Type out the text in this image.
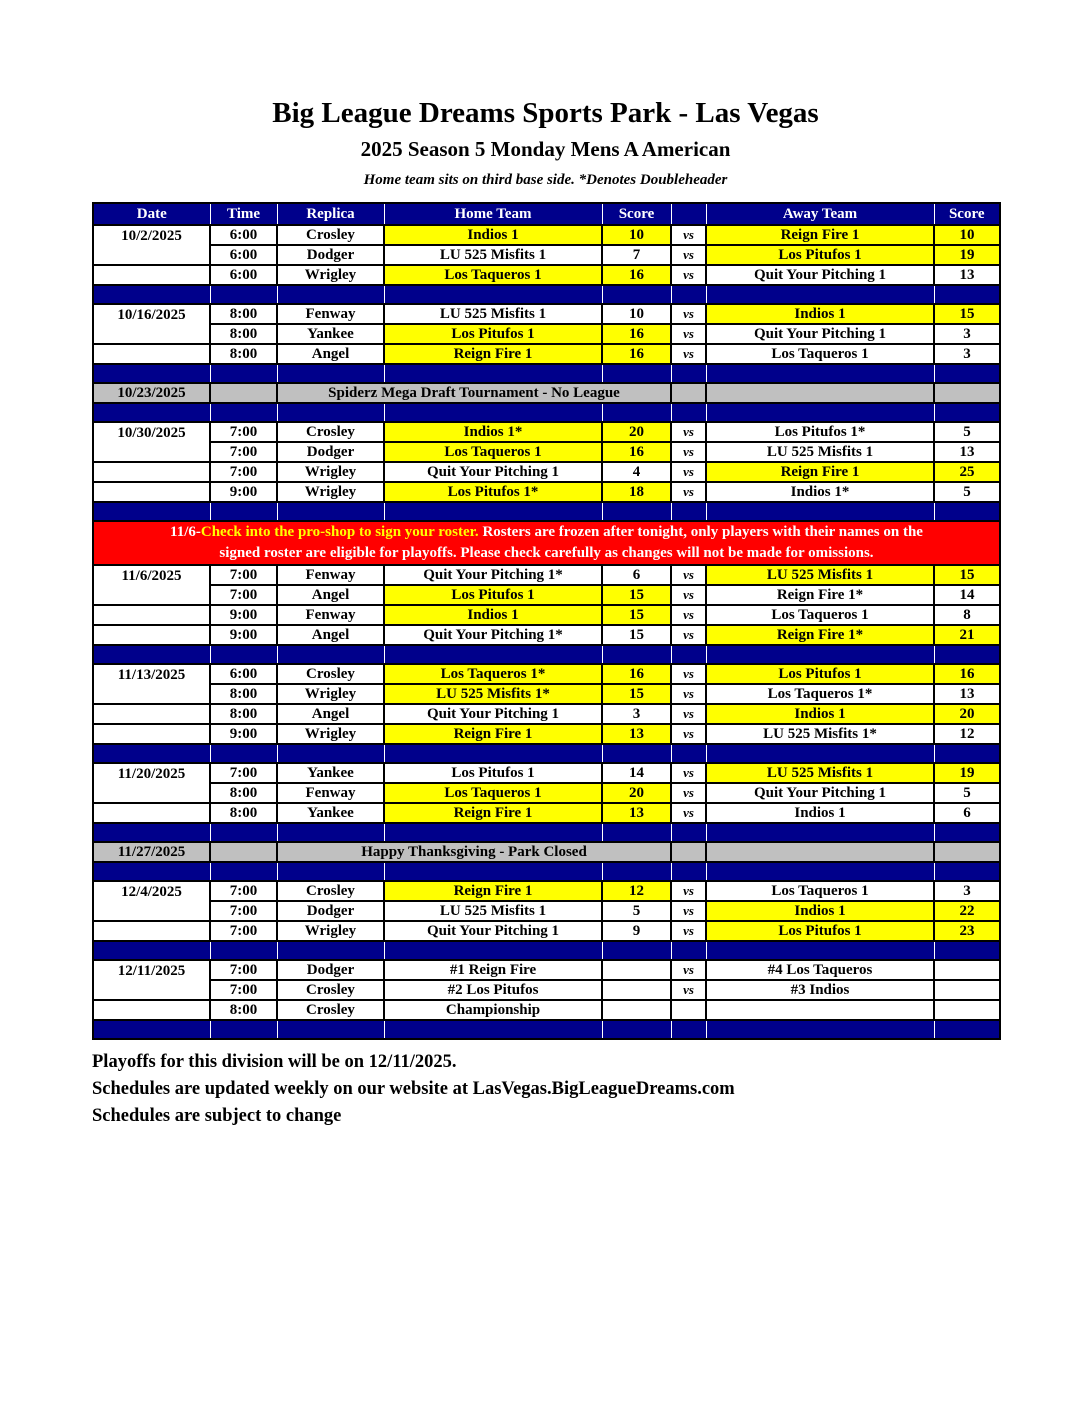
Big League Dreams Sports Park - Las Vegas
2025 Season 5 Monday Mens A American
Home team sits on third base side. *Denotes Doubleheader
Date	Time	Replica	Home Team	Score		Away Team	Score
10/2/2025	6:00	Crosley	Indios 1	10	vs	Reign Fire 1	10
	6:00	Dodger	LU 525 Misfits 1	7	vs	Los Pitufos 1	19
	6:00	Wrigley	Los Taqueros 1	16	vs	Quit Your Pitching 1	13

10/16/2025	8:00	Fenway	LU 525 Misfits 1	10	vs	Indios 1	15
	8:00	Yankee	Los Pitufos 1	16	vs	Quit Your Pitching 1	3
	8:00	Angel	Reign Fire 1	16	vs	Los Taqueros 1	3

10/23/2025		Spiderz Mega Draft Tournament - No League					

10/30/2025	7:00	Crosley	Indios 1*	20	vs	Los Pitufos 1*	5
	7:00	Dodger	Los Taqueros 1	16	vs	LU 525 Misfits 1	13
	7:00	Wrigley	Quit Your Pitching 1	4	vs	Reign Fire 1	25
	9:00	Wrigley	Los Pitufos 1*	18	vs	Indios 1*	5

11/6-Check into the pro-shop to sign your roster. Rosters are frozen after tonight, only players with their names on the
signed roster are eligible for playoffs. Please check carefully as changes will not be made for omissions.							

11/6/2025	7:00	Fenway	Quit Your Pitching 1*	6	vs	LU 525 Misfits 1	15
	7:00	Angel	Los Pitufos 1	15	vs	Reign Fire 1*	14
	9:00	Fenway	Indios 1	15	vs	Los Taqueros 1	8
	9:00	Angel	Quit Your Pitching 1*	15	vs	Reign Fire 1*	21

11/13/2025	6:00	Crosley	Los Taqueros 1*	16	vs	Los Pitufos 1	16
	8:00	Wrigley	LU 525 Misfits 1*	15	vs	Los Taqueros 1*	13
	8:00	Angel	Quit Your Pitching 1	3	vs	Indios 1	20
	9:00	Wrigley	Reign Fire 1	13	vs	LU 525 Misfits 1*	12

11/20/2025	7:00	Yankee	Los Pitufos 1	14	vs	LU 525 Misfits 1	19
	8:00	Fenway	Los Taqueros 1	20	vs	Quit Your Pitching 1	5
	8:00	Yankee	Reign Fire 1	13	vs	Indios 1	6

11/27/2025		Happy Thanksgiving - Park Closed					

12/4/2025	7:00	Crosley	Reign Fire 1	12	vs	Los Taqueros 1	3
	7:00	Dodger	LU 525 Misfits 1	5	vs	Indios 1	22
	7:00	Wrigley	Quit Your Pitching 1	9	vs	Los Pitufos 1	23

12/11/2025	7:00	Dodger	#1 Reign Fire		vs	#4 Los Taqueros	
	7:00	Crosley	#2 Los Pitufos		vs	#3 Indios	
	8:00	Crosley	Championship				

Playoffs for this division will be on 12/11/2025.
Schedules are updated weekly on our website at LasVegas.BigLeagueDreams.com
Schedules are subject to change
